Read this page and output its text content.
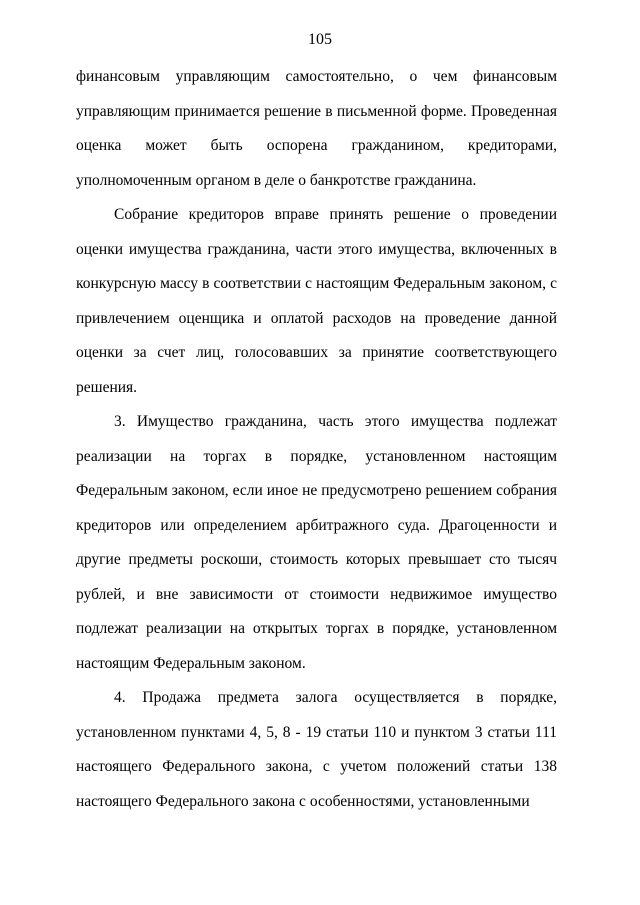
105

финансовым управляющим самостоятельно, о чем финансовым управляющим принимается решение в письменной форме. Проведенная оценка может быть оспорена гражданином, кредиторами, уполномоченным органом в деле о банкротстве гражданина.

Собрание кредиторов вправе принять решение о проведении оценки имущества гражданина, части этого имущества, включенных в конкурсную массу в соответствии с настоящим Федеральным законом, с привлечением оценщика и оплатой расходов на проведение данной оценки за счет лиц, голосовавших за принятие соответствующего решения.

3. Имущество гражданина, часть этого имущества подлежат реализации на торгах в порядке, установленном настоящим Федеральным законом, если иное не предусмотрено решением собрания кредиторов или определением арбитражного суда. Драгоценности и другие предметы роскоши, стоимость которых превышает сто тысяч рублей, и вне зависимости от стоимости недвижимое имущество подлежат реализации на открытых торгах в порядке, установленном настоящим Федеральным законом.

4. Продажа предмета залога осуществляется в порядке, установленном пунктами 4, 5, 8 - 19 статьи 110 и пунктом 3 статьи 111 настоящего Федерального закона, с учетом положений статьи 138 настоящего Федерального закона с особенностями, установленными
